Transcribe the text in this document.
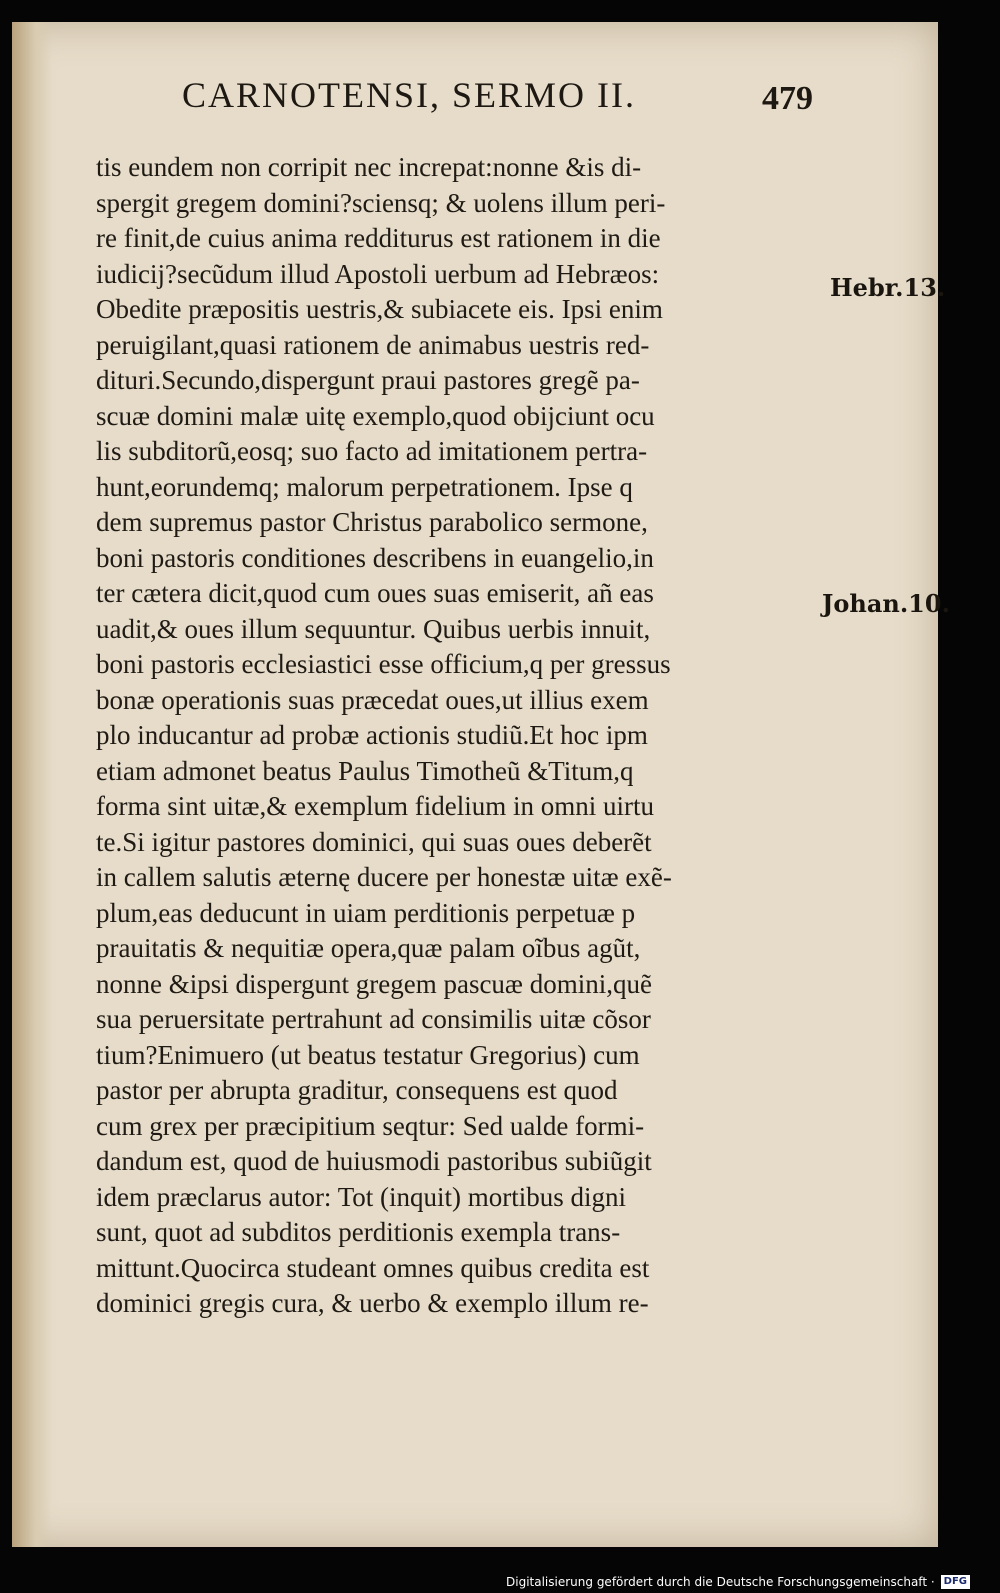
CARNOTENSI, SERMO II.	479
tis eundem non corripit nec increpat:nonne &is di-
spergit gregem domini?sciensq; & uolens illum peri-
re finit,de cuius anima redditurus est rationem in die
iudicij?secũdum illud Apostoli uerbum ad Hebræos:
Obedite præpositis uestris,& subiacete eis. Ipsi enim
peruigilant,quasi rationem de animabus uestris red-
dituri.Secundo,dispergunt praui pastores gregẽ pa-
scuæ domini malæ uitę exemplo,quod obijciunt ocu
lis subditorũ,eosq; suo facto ad imitationem pertra-
hunt,eorundemq; malorum perpetrationem. Ipse q
dem supremus pastor Christus parabolico sermone,
boni pastoris conditiones describens in euangelio,in
ter cætera dicit,quod cum oues suas emiserit, añ eas
uadit,& oues illum sequuntur. Quibus uerbis innuit,
boni pastoris ecclesiastici esse officium,q per gressus
bonæ operationis suas præcedat oues,ut illius exem
plo inducantur ad probæ actionis studiũ.Et hoc ipm
etiam admonet beatus Paulus Timotheũ &Titum,q
forma sint uitæ,& exemplum fidelium in omni uirtu
te.Si igitur pastores dominici, qui suas oues deberẽt
in callem salutis æternę ducere per honestæ uitæ exẽ-
plum,eas deducunt in uiam perditionis perpetuæ p
prauitatis & nequitiæ opera,quæ palam oĩbus agũt,
nonne &ipsi dispergunt gregem pascuæ domini,quẽ
sua peruersitate pertrahunt ad consimilis uitæ cõsor
tium?Enimuero (ut beatus testatur Gregorius) cum
pastor per abrupta graditur, consequens est quod
cum grex per præcipitium seqtur: Sed ualde formi-
dandum est, quod de huiusmodi pastoribus subiũgit
idem præclarus autor: Tot (inquit) mortibus digni
sunt, quot ad subditos perditionis exempla trans-
mittunt.Quocirca studeant omnes quibus credita est
dominici gregis cura, & uerbo & exemplo illum re-
Hebr.13.
Johan.10.
Digitalisierung gefördert durch die Deutsche Forschungsgemeinschaft · DFG
